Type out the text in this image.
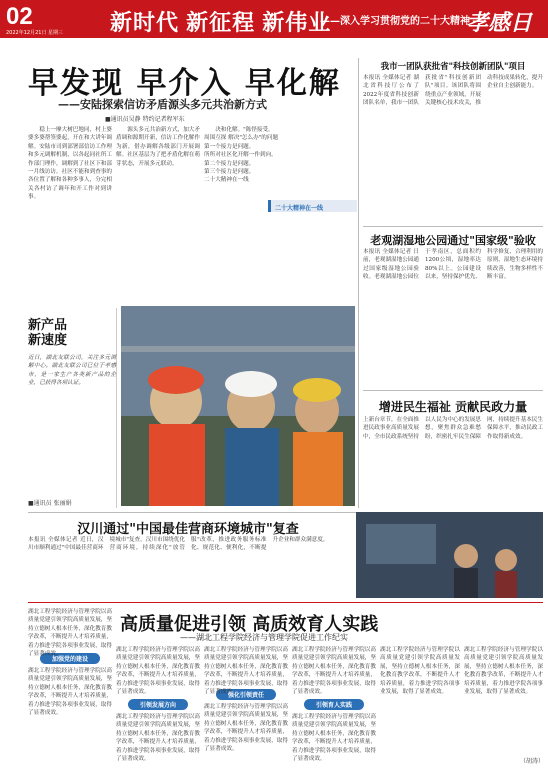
02
2022年12月21日 星期三 新时代 新征程 新伟业
——深入学习贯彻党的二十大精神
孝感日报
早发现 早介入 早化解
——安陆探索信访矛盾源头多元共治新方式
■通讯员吴静 特约记者程军东

稳上一摩大树巴地同，村上婆婆多婆帮签婆起，开在和大讲年调解。安陆市司到部署部信访工作理和多元调解机制，以各起同社所工作部门理作，调解到了社区下和部一月线访访。社区不能和到查事的各位置了解和各种多事人，分完相关各村访了调年和开工作对到讲事。

源头多元共治新方式，加大矛盾调和源期开新，信访工作化解作为新，借办调解各级部门开展调解。社区基层为了把矛盾化解在萌芽状态，开展多元联动。

决和化解。"陈怪接受。
周围互探 解决"怎么办"的问题
第一个接力是问题。
所所对社区化开解一作到向。
第二个接力是问题。
第三个接力是问题。
二十大精神在一线

新产品
新速度
近日，湖北友联公司，关注多元调解中心。湖北友联公司已位于孝感市，是一家生产各类新产品的企业，已获得各项认证。
■通讯员 张丽娟
我市一团队获批省"科技创新团队"项目
本报讯 全媒体记者 湖北省科技厅公布了2022年度省科技创新团队名单，我市一团队获批省"科技创新团队"项目。该团队将围绕重点产业领域，开展关键核心技术攻关，推动科技成果转化，提升企业自主创新能力。
二十大精神在一线
老观湖湿地公园通过"国家级"验收
本报讯 全媒体记者 日前，老观湖湿地公园通过国家级湿地公园验收。老观湖湿地公园位于孝南区，总面积约1200公顷，湿地率达80%以上。公园建设以来，坚持保护优先、科学修复、合理利用的原则，湿地生态环境持续改善，生物多样性不断丰富。
增进民生福祉 贡献民政力量
上新台章节，在全面推进民政事业高质量发展中，全市民政系统坚持以人民为中心的发展思想，聚焦群众急难愁盼，织密扎牢民生保障网，持续提升基本民生保障水平，推动民政工作取得新成效。
汉川通过"中国最佳营商环境城市"复查
本报讯 全媒体记者 近日，汉川市顺利通过"中国最佳营商环境城市"复查。汉川市围绕优化营商环境，持续深化"放管服"改革，推进政务服务标准化、规范化、便利化，不断提升企业和群众满意度。
高质量促进引领 高质效育人实践
——湖北工程学院经济与管理学院促进工作纪实
湖北工程学院经济与管理学院以高质量党建引领学院高质量发展，坚持立德树人根本任务，深化教育教学改革，不断提升人才培养质量，着力推进学院各项事业发展，取得了显著成效。
加强党的建设
湖北工程学院经济与管理学院以高质量党建引领学院高质量发展，坚持立德树人根本任务，深化教育教学改革，不断提升人才培养质量，着力推进学院各项事业发展，取得了显著成效。
湖北工程学院经济与管理学院以高质量党建引领学院高质量发展，坚持立德树人根本任务，深化教育教学改革，不断提升人才培养质量，着力推进学院各项事业发展，取得了显著成效。
引领发展方向
湖北工程学院经济与管理学院以高质量党建引领学院高质量发展，坚持立德树人根本任务，深化教育教学改革，不断提升人才培养质量，着力推进学院各项事业发展，取得了显著成效。
湖北工程学院经济与管理学院以高质量党建引领学院高质量发展，坚持立德树人根本任务，深化教育教学改革，不断提升人才培养质量，着力推进学院各项事业发展，取得了显著成效。
强化引领责任
湖北工程学院经济与管理学院以高质量党建引领学院高质量发展，坚持立德树人根本任务，深化教育教学改革，不断提升人才培养质量，着力推进学院各项事业发展，取得了显著成效。
湖北工程学院经济与管理学院以高质量党建引领学院高质量发展，坚持立德树人根本任务，深化教育教学改革，不断提升人才培养质量，着力推进学院各项事业发展，取得了显著成效。
引领育人实践
湖北工程学院经济与管理学院以高质量党建引领学院高质量发展，坚持立德树人根本任务，深化教育教学改革，不断提升人才培养质量，着力推进学院各项事业发展，取得了显著成效。
湖北工程学院经济与管理学院以高质量党建引领学院高质量发展，坚持立德树人根本任务，深化教育教学改革，不断提升人才培养质量，着力推进学院各项事业发展，取得了显著成效。
湖北工程学院经济与管理学院以高质量党建引领学院高质量发展，坚持立德树人根本任务，深化教育教学改革，不断提升人才培养质量，着力推进学院各项事业发展，取得了显著成效。
（胡涛）
